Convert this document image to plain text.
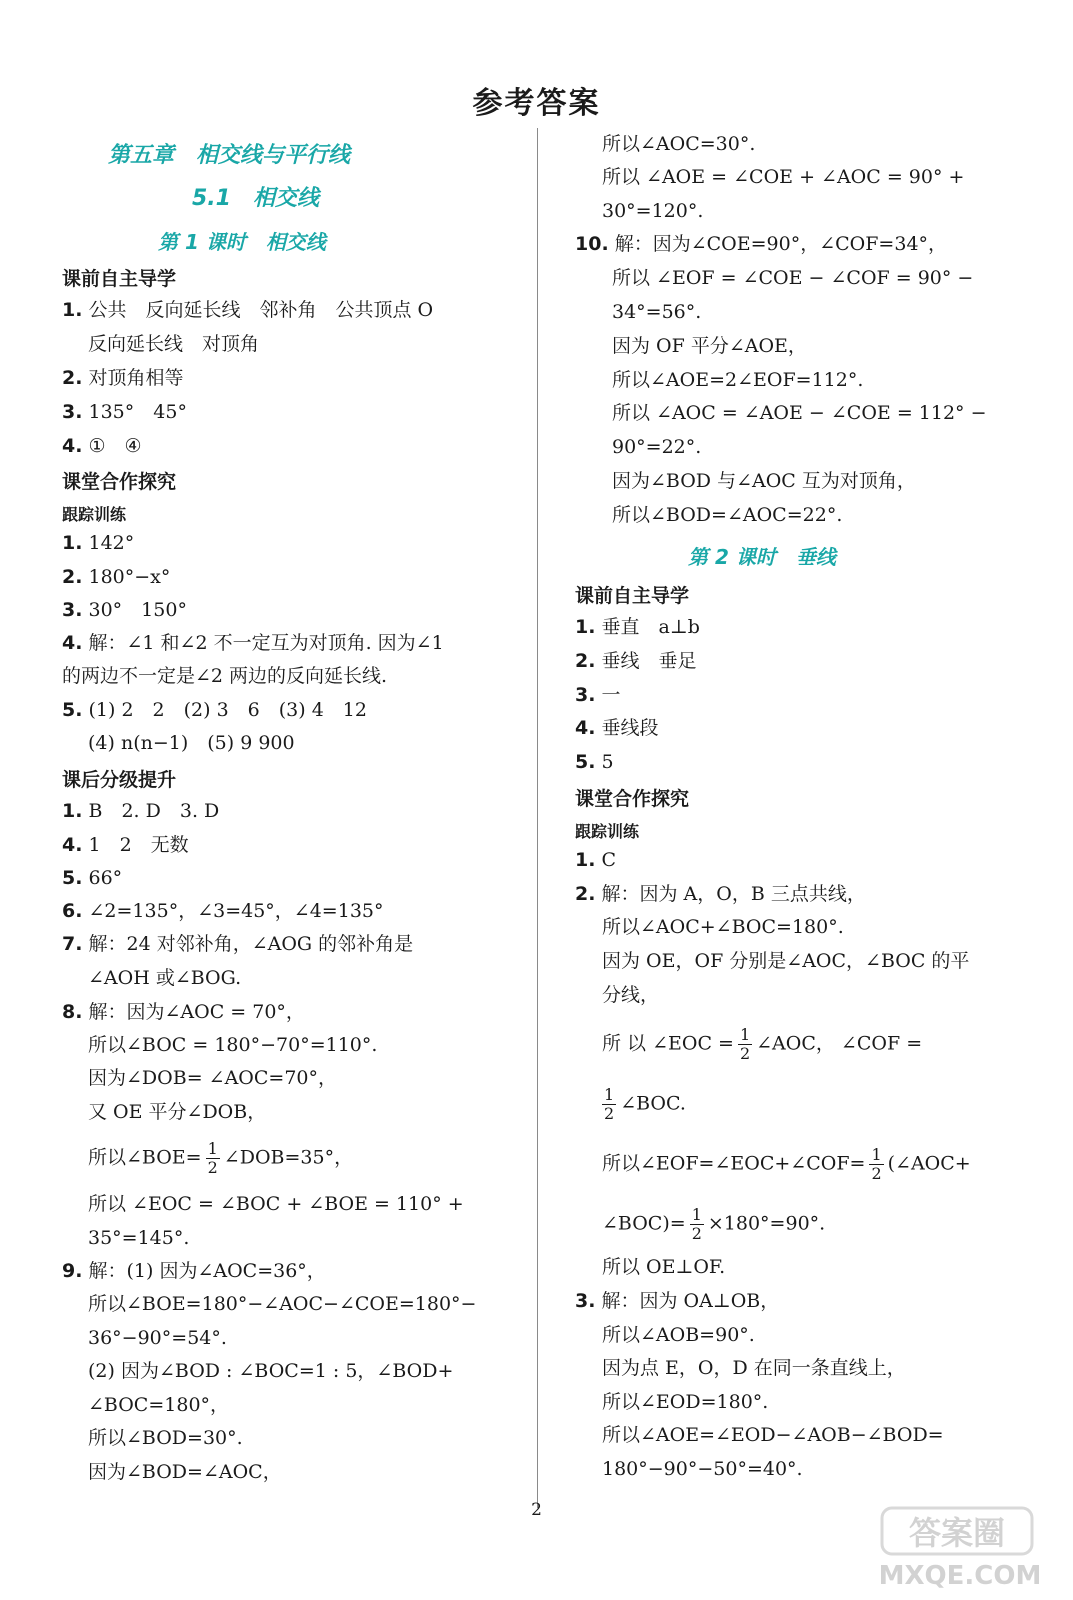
参考答案
第五章　相交线与平行线
5.1　相交线
第 1 课时　相交线
课前自主导学
1. 公共　反向延长线　邻补角　公共顶点 O
反向延长线　对顶角
2. 对顶角相等
3. 135°　45°
4. ①　④
课堂合作探究
跟踪训练
1. 142°
2. 180°−x°
3. 30°　150°
4. 解：∠1 和∠2 不一定互为对顶角. 因为∠1
的两边不一定是∠2 两边的反向延长线.
5. (1) 2　2　(2) 3　6　(3) 4　12
(4) n(n−1)　(5) 9 900
课后分级提升
1. B　2. D　3. D
4. 1　2　无数
5. 66°
6. ∠2=135°，∠3=45°，∠4=135°
7. 解：24 对邻补角，∠AOG 的邻补角是
∠AOH 或∠BOG.
8. 解：因为∠AOC = 70°，
所以∠BOC = 180°−70°=110°.
因为∠DOB= ∠AOC=70°，
又 OE 平分∠DOB，
所以∠BOE= $\frac{1}{2}$ ∠DOB=35°，
所以 ∠EOC = ∠BOC + ∠BOE = 110° +
35°=145°.
9. 解：(1) 因为∠AOC=36°，
所以∠BOE=180°−∠AOC−∠COE=180°−
36°−90°=54°.
(2) 因为∠BOD : ∠BOC=1 : 5，∠BOD+
∠BOC=180°，
所以∠BOD=30°.
因为∠BOD=∠AOC，
所以∠AOC=30°.
所以 ∠AOE = ∠COE + ∠AOC = 90° +
30°=120°.
10. 解：因为∠COE=90°，∠COF=34°，
所以 ∠EOF = ∠COE − ∠COF = 90° −
34°=56°.
因为 OF 平分∠AOE，
所以∠AOE=2∠EOF=112°.
所以 ∠AOC = ∠AOE − ∠COE = 112° −
90°=22°.
因为∠BOD 与∠AOC 互为对顶角，
所以∠BOD=∠AOC=22°.
第 2 课时　垂线
课前自主导学
1. 垂直　a⊥b
2. 垂线　垂足
3. 一
4. 垂线段
5. 5
课堂合作探究
跟踪训练
1. C
2. 解：因为 A，O，B 三点共线，
所以∠AOC+∠BOC=180°.
因为 OE，OF 分别是∠AOC，∠BOC 的平
分线，
所 以 ∠EOC = $\frac{1}{2}$ ∠AOC， ∠COF =
$\frac{1}{2}$ ∠BOC.
所以∠EOF=∠EOC+∠COF= $\frac{1}{2}$ (∠AOC+
∠BOC)= $\frac{1}{2} \times 180^\circ=90^\circ$.
所以 OE⊥OF.
3. 解：因为 OA⊥OB，
所以∠AOB=90°.
因为点 E，O，D 在同一条直线上，
所以∠EOD=180°.
所以∠AOE=∠EOD−∠AOB−∠BOD=
180°−90°−50°=40°.
2
答案圈
MXQE.COM
